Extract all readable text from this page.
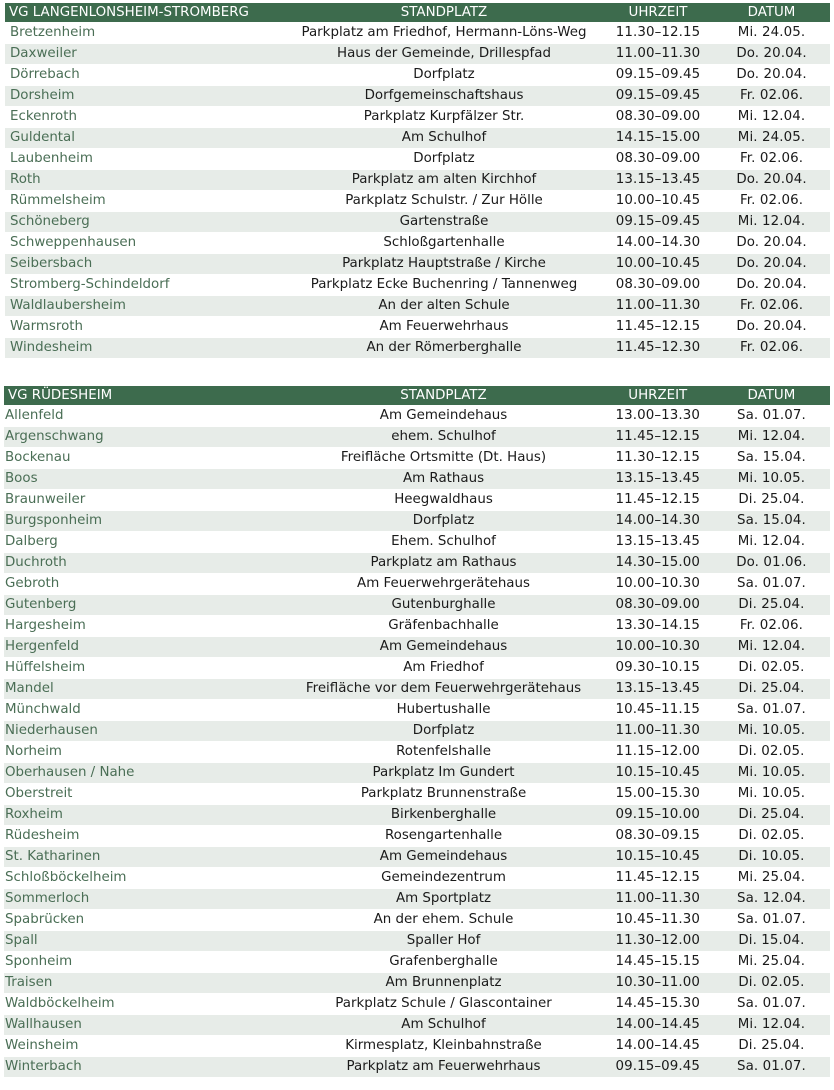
VG LANGENLONSHEIM-STROMBERG	STANDPLATZ	UHRZEIT	DATUM
Bretzenheim	Parkplatz am Friedhof, Hermann-Löns-Weg	11.30–12.15	Mi. 24.05.
Daxweiler	Haus der Gemeinde, Drillespfad	11.00–11.30	Do. 20.04.
Dörrebach	Dorfplatz	09.15–09.45	Do. 20.04.
Dorsheim	Dorfgemeinschaftshaus	09.15–09.45	Fr. 02.06.
Eckenroth	Parkplatz Kurpfälzer Str.	08.30–09.00	Mi. 12.04.
Guldental	Am Schulhof	14.15–15.00	Mi. 24.05.
Laubenheim	Dorfplatz	08.30–09.00	Fr. 02.06.
Roth	Parkplatz am alten Kirchhof	13.15–13.45	Do. 20.04.
Rümmelsheim	Parkplatz Schulstr. / Zur Hölle	10.00–10.45	Fr. 02.06.
Schöneberg	Gartenstraße	09.15–09.45	Mi. 12.04.
Schweppenhausen	Schloßgartenhalle	14.00–14.30	Do. 20.04.
Seibersbach	Parkplatz Hauptstraße / Kirche	10.00–10.45	Do. 20.04.
Stromberg-Schindeldorf	Parkplatz Ecke Buchenring / Tannenweg	08.30–09.00	Do. 20.04.
Waldlaubersheim	An der alten Schule	11.00–11.30	Fr. 02.06.
Warmsroth	Am Feuerwehrhaus	11.45–12.15	Do. 20.04.
Windesheim	An der Römerberghalle	11.45–12.30	Fr. 02.06.
VG RÜDESHEIM	STANDPLATZ	UHRZEIT	DATUM
Allenfeld	Am Gemeindehaus	13.00–13.30	Sa. 01.07.
Argenschwang	ehem. Schulhof	11.45–12.15	Mi. 12.04.
Bockenau	Freifläche Ortsmitte (Dt. Haus)	11.30–12.15	Sa. 15.04.
Boos	Am Rathaus	13.15–13.45	Mi. 10.05.
Braunweiler	Heegwaldhaus	11.45–12.15	Di. 25.04.
Burgsponheim	Dorfplatz	14.00–14.30	Sa. 15.04.
Dalberg	Ehem. Schulhof	13.15–13.45	Mi. 12.04.
Duchroth	Parkplatz am Rathaus	14.30–15.00	Do. 01.06.
Gebroth	Am Feuerwehrgerätehaus	10.00–10.30	Sa. 01.07.
Gutenberg	Gutenburghalle	08.30–09.00	Di. 25.04.
Hargesheim	Gräfenbachhalle	13.30–14.15	Fr. 02.06.
Hergenfeld	Am Gemeindehaus	10.00–10.30	Mi. 12.04.
Hüffelsheim	Am Friedhof	09.30–10.15	Di. 02.05.
Mandel	Freifläche vor dem Feuerwehrgerätehaus	13.15–13.45	Di. 25.04.
Münchwald	Hubertushalle	10.45–11.15	Sa. 01.07.
Niederhausen	Dorfplatz	11.00–11.30	Mi. 10.05.
Norheim	Rotenfelshalle	11.15–12.00	Di. 02.05.
Oberhausen / Nahe	Parkplatz Im Gundert	10.15–10.45	Mi. 10.05.
Oberstreit	Parkplatz Brunnenstraße	15.00–15.30	Mi. 10.05.
Roxheim	Birkenberghalle	09.15–10.00	Di. 25.04.
Rüdesheim	Rosengartenhalle	08.30–09.15	Di. 02.05.
St. Katharinen	Am Gemeindehaus	10.15–10.45	Di. 10.05.
Schloßböckelheim	Gemeindezentrum	11.45–12.15	Mi. 25.04.
Sommerloch	Am Sportplatz	11.00–11.30	Sa. 12.04.
Spabrücken	An der ehem. Schule	10.45–11.30	Sa. 01.07.
Spall	Spaller Hof	11.30–12.00	Di. 15.04.
Sponheim	Grafenberghalle	14.45–15.15	Mi. 25.04.
Traisen	Am Brunnenplatz	10.30–11.00	Di. 02.05.
Waldböckelheim	Parkplatz Schule / Glascontainer	14.45–15.30	Sa. 01.07.
Wallhausen	Am Schulhof	14.00–14.45	Mi. 12.04.
Weinsheim	Kirmesplatz, Kleinbahnstraße	14.00–14.45	Di. 25.04.
Winterbach	Parkplatz am Feuerwehrhaus	09.15–09.45	Sa. 01.07.
